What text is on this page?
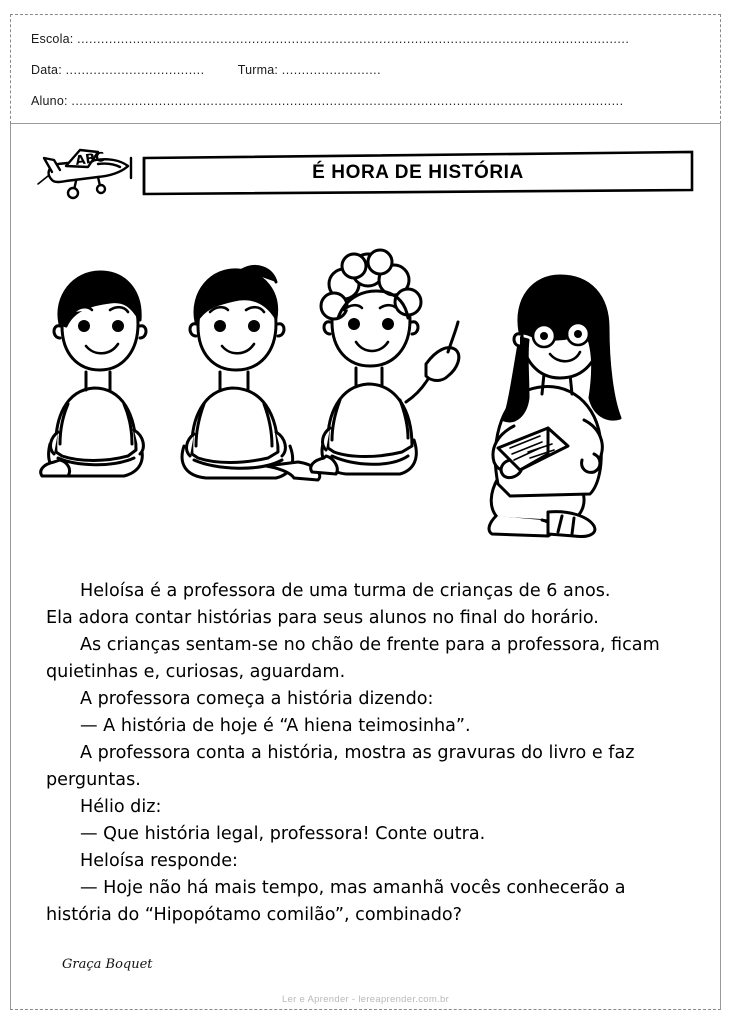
Escola: ...........................................................................................................................................
Data: ...................................	Turma: .........................
Aluno: ...........................................................................................................................................
ABC
É HORA DE HISTÓRIA

Heloísa é a professora de uma turma de crianças de 6 anos.

Ela adora contar histórias para seus alunos no final do horário.

As crianças sentam-se no chão de frente para a professora, ficam quietinhas e, curiosas, aguardam.

A professora começa a história dizendo:

— A história de hoje é “A hiena teimosinha”.

A professora conta a história, mostra as gravuras do livro e faz perguntas.

Hélio diz:

— Que história legal, professora! Conte outra.

Heloísa responde:

— Hoje não há mais tempo, mas amanhã vocês conhecerão a história do “Hipopótamo comilão”, combinado?

Graça Boquet
Ler e Aprender - lereaprender.com.br
